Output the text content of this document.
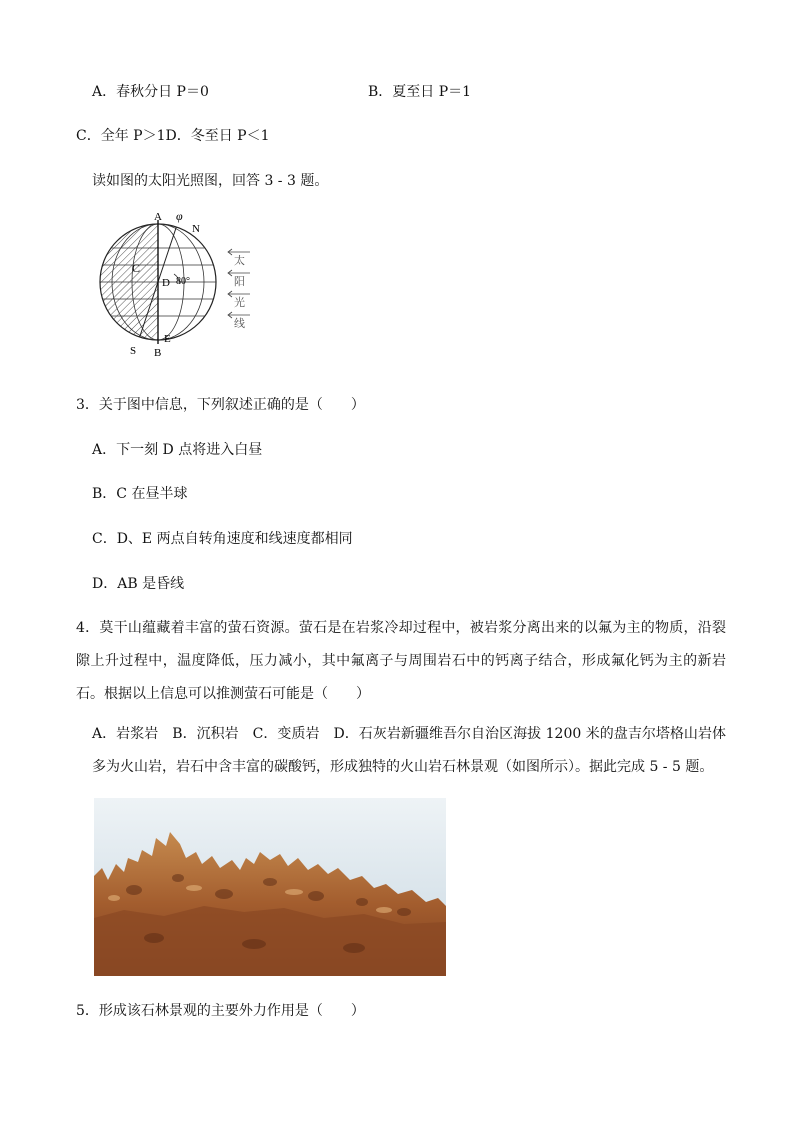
A．春秋分日 P＝0	B．夏至日 P＝1
C．全年 P＞1D．冬至日 P＜1
读如图的太阳光照图，回答 3 - 3 题。
A φ
N
C
D 80°
E
S B
太
阳
光
线
3．关于图中信息，下列叙述正确的是（　　）
A．下一刻 D 点将进入白昼
B．C 在昼半球
C．D、E 两点自转角速度和线速度都相同
D．AB 是昏线
4．莫干山蕴藏着丰富的萤石资源。萤石是在岩浆冷却过程中，被岩浆分离出来的以氟为主的物质，沿裂隙上升过程中，温度降低，压力减小，其中氟离子与周围岩石中的钙离子结合，形成氟化钙为主的新岩石。根据以上信息可以推测萤石可能是（　　）
A．岩浆岩 B．沉积岩 C．变质岩 D．石灰岩新疆维吾尔自治区海拔 1200 米的盘吉尔塔格山岩体多为火山岩，岩石中含丰富的碳酸钙，形成独特的火山岩石林景观（如图所示）。据此完成 5 - 5 题。
5．形成该石林景观的主要外力作用是（　　）
